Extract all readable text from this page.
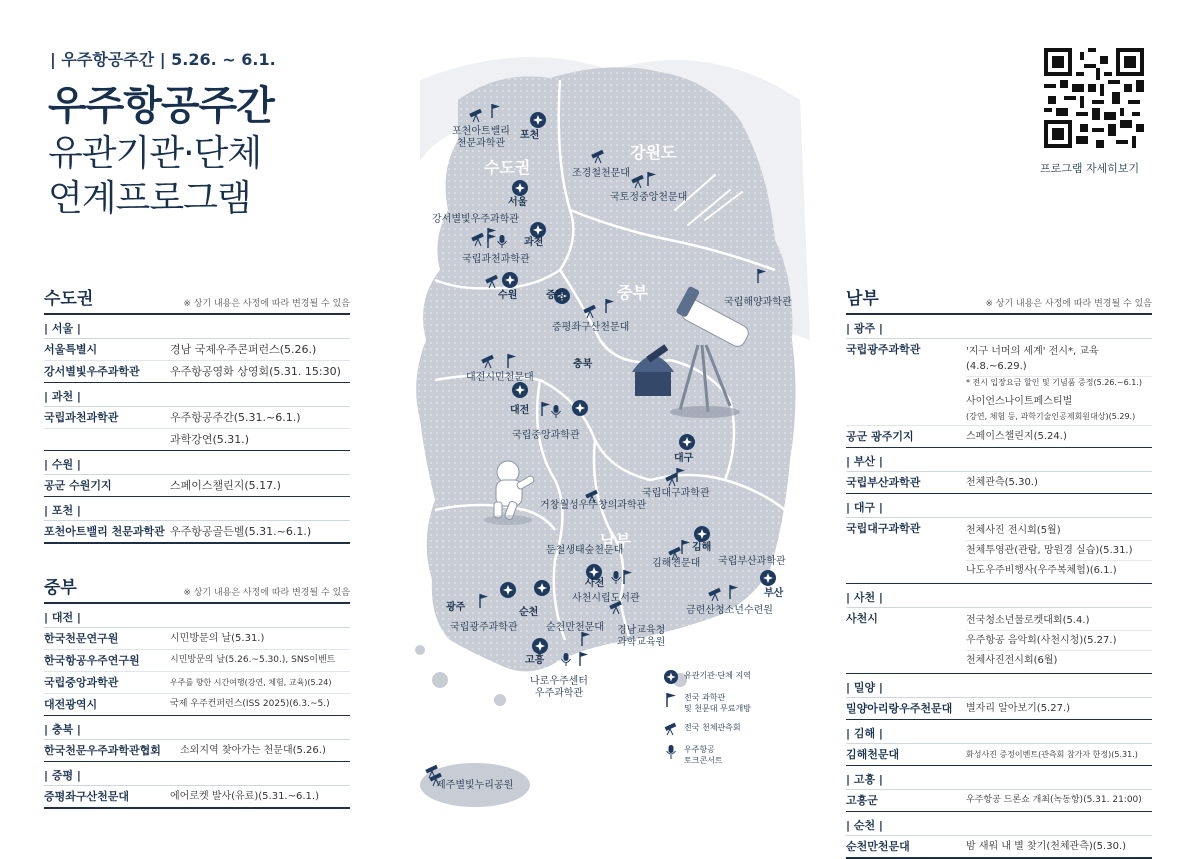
| 우주항공주간 | 5.26. ~ 6.1.
우주항공주간
유관기관·단체
연계프로그램
프로그램 자세히보기
수도권	※ 상기 내용은 사정에 따라 변경될 수 있음
| 서울 |
서울특별시	경남 국제우주콘퍼런스(5.26.)
강서별빛우주과학관	우주항공영화 상영회(5.31. 15:30)
| 과천 |
국립과천과학관	우주항공주간(5.31.~6.1.)
과학강연(5.31.)
| 수원 |
공군 수원기지	스페이스챌린지(5.17.)
| 포천 |
포천아트밸리 천문과학관 우주항공골든벨(5.31.~6.1.)
중부	※ 상기 내용은 사정에 따라 변경될 수 있음
| 대전 |
한국천문연구원	시민방문의 날(5.31.)
한국항공우주연구원	시민방문의 날(5.26.~5.30.), SNS이벤트
국립중앙과학관	우주를 향한 시간여행(강연, 체험, 교육)(5.24)
대전광역시	국제 우주컨퍼런스(ISS 2025)(6.3.~5.)
| 충북 |
한국천문우주과학관협회 소외지역 찾아가는 천문대(5.26.)
| 증평 |
증평좌구산천문대	에어로켓 발사(유료)(5.31.~6.1.)
남부	※ 상기 내용은 사정에 따라 변경될 수 있음
| 광주 |
국립광주과학관	'지구 너머의 세계' 전시*, 교육(4.8.~6.29.)
* 전시 입장요금 할인 및 기념품 증정(5.26.~6.1.)
사이언스나이트페스티벌
(강연, 체험 등, 과학기술인공제회원대상)(5.29.)
공군 광주기지	스페이스챌린지(5.24.)
| 부산 |
국립부산과학관	천체관측(5.30.)
| 대구 |
국립대구과학관	천체사진 전시회(5월)
천체투영관(관람, 망원경 실습)(5.31.)
나도우주비행사(우주복체험)(6.1.)
| 사천 |
사천시	전국청소년물로켓대회(5.4.)
우주항공 음악회(사천시청)(5.27.)
천체사진전시회(6월)
| 밀양 |
밀양아리랑우주천문대 별자리 알아보기(5.27.)
| 김해 |
김해천문대	화성사진 증정이벤트(관측회 참가자 한정)(5.31.)
| 고흥 |
고흥군	우주항공 드론쇼 개최(녹동항)(5.31. 21:00)
| 순천 |
순천만천문대	밤 새워 내 별 찾기(천체관측)(5.30.)
수도권
강원도
중부
남부
포천아트밸리
천문과학관
포천
서울
강서별빛우주과학관
과천
국립과천과학관
수원
조경철천문대
국토정중앙천문대
증평
증평좌구산천문대
국립해양과학관
충북
대전시민천문대
대전
국립중앙과학관
대구
국립대구과학관
거창월성우주창의과학관
둔철생태숲천문대	김해
김해천문대 국립부산과학관
사천
사천시립도서관	부산
금련산청소년수련원
광주	순천
국립광주과학관	순천만천문대 경남교육청
과학교육원
고흥
나로우주센터
우주과학관
제주별빛누리공원
유관기관·단체 지역
전국 과학관
및 천문대 무료개방
전국 천체관측회
우주항공
토크콘서트
